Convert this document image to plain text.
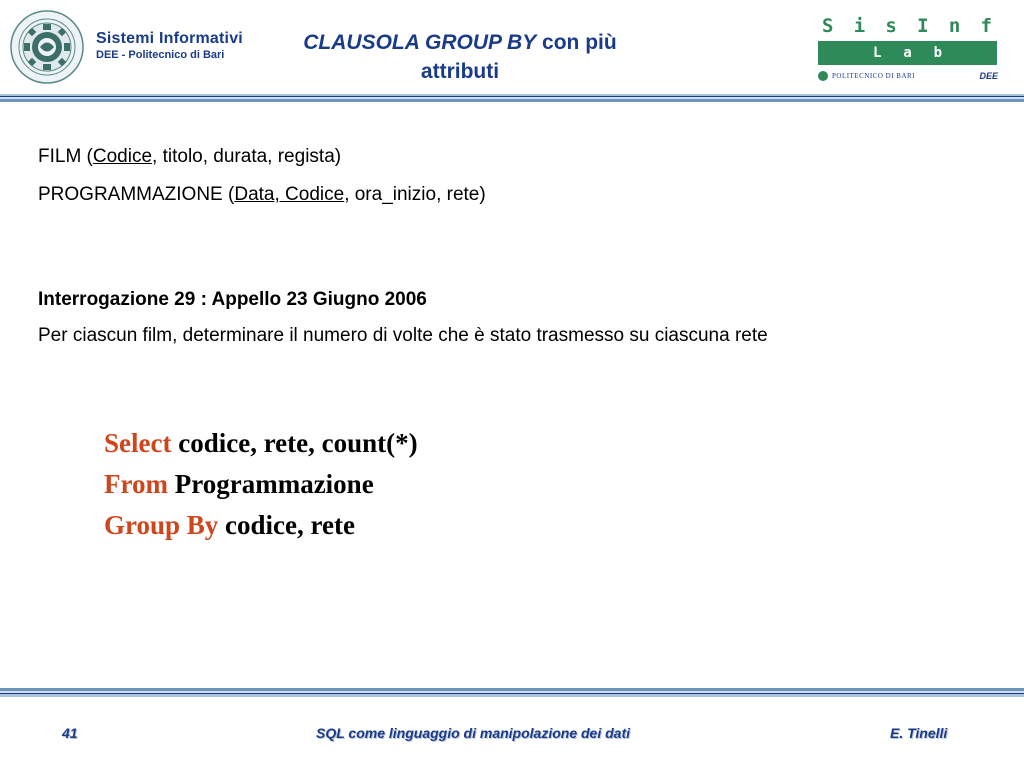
Sistemi Informativi
DEE - Politecnico di Bari
CLAUSOLA GROUP BY con più attributi
S i s I n f
L a b
POLITECNICO DI BARI	DEE
FILM (Codice, titolo, durata, regista)
PROGRAMMAZIONE (Data, Codice, ora_inizio, rete)
Interrogazione 29 : Appello 23 Giugno 2006
Per ciascun film, determinare il numero di volte che è stato trasmesso su ciascuna rete
Select codice, rete, count(*)
From Programmazione
Group By codice, rete
41	SQL come linguaggio di manipolazione dei dati	E. Tinelli
